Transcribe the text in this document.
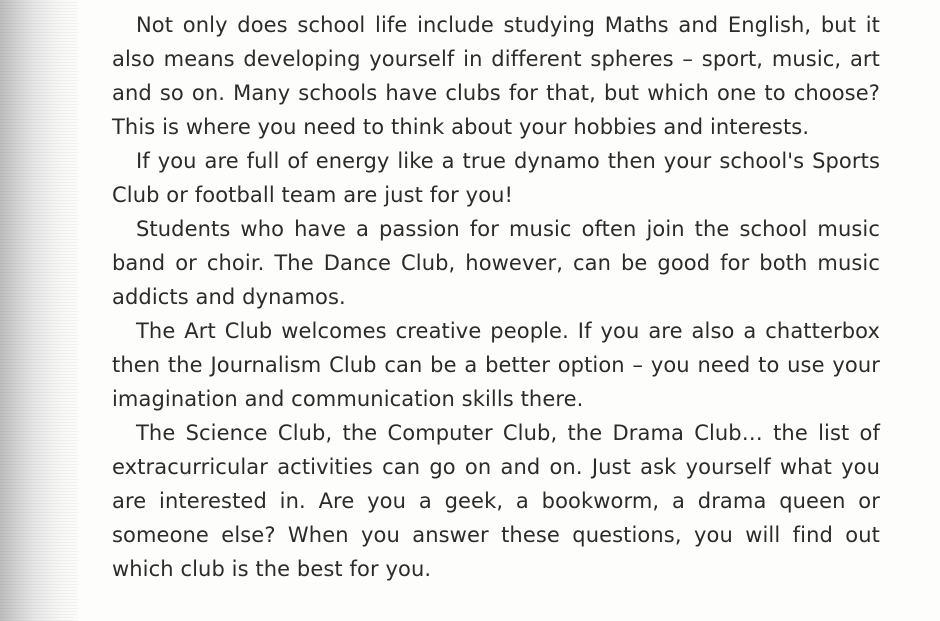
Not only does school life include studying Maths and English, but it also means developing yourself in different spheres – sport, music, art and so on. Many schools have clubs for that, but which one to choose? This is where you need to think about your hobbies and interests.

If you are full of energy like a true dynamo then your school's Sports Club or football team are just for you!

Students who have a passion for music often join the school music band or choir. The Dance Club, however, can be good for both music addicts and dynamos.

The Art Club welcomes creative people. If you are also a chatterbox then the Journalism Club can be a better option – you need to use your imagination and communication skills there.

The Science Club, the Computer Club, the Drama Club… the list of extracurricular activities can go on and on. Just ask yourself what you are interested in. Are you a geek, a bookworm, a drama queen or someone else? When you answer these questions, you will find out which club is the best for you.
